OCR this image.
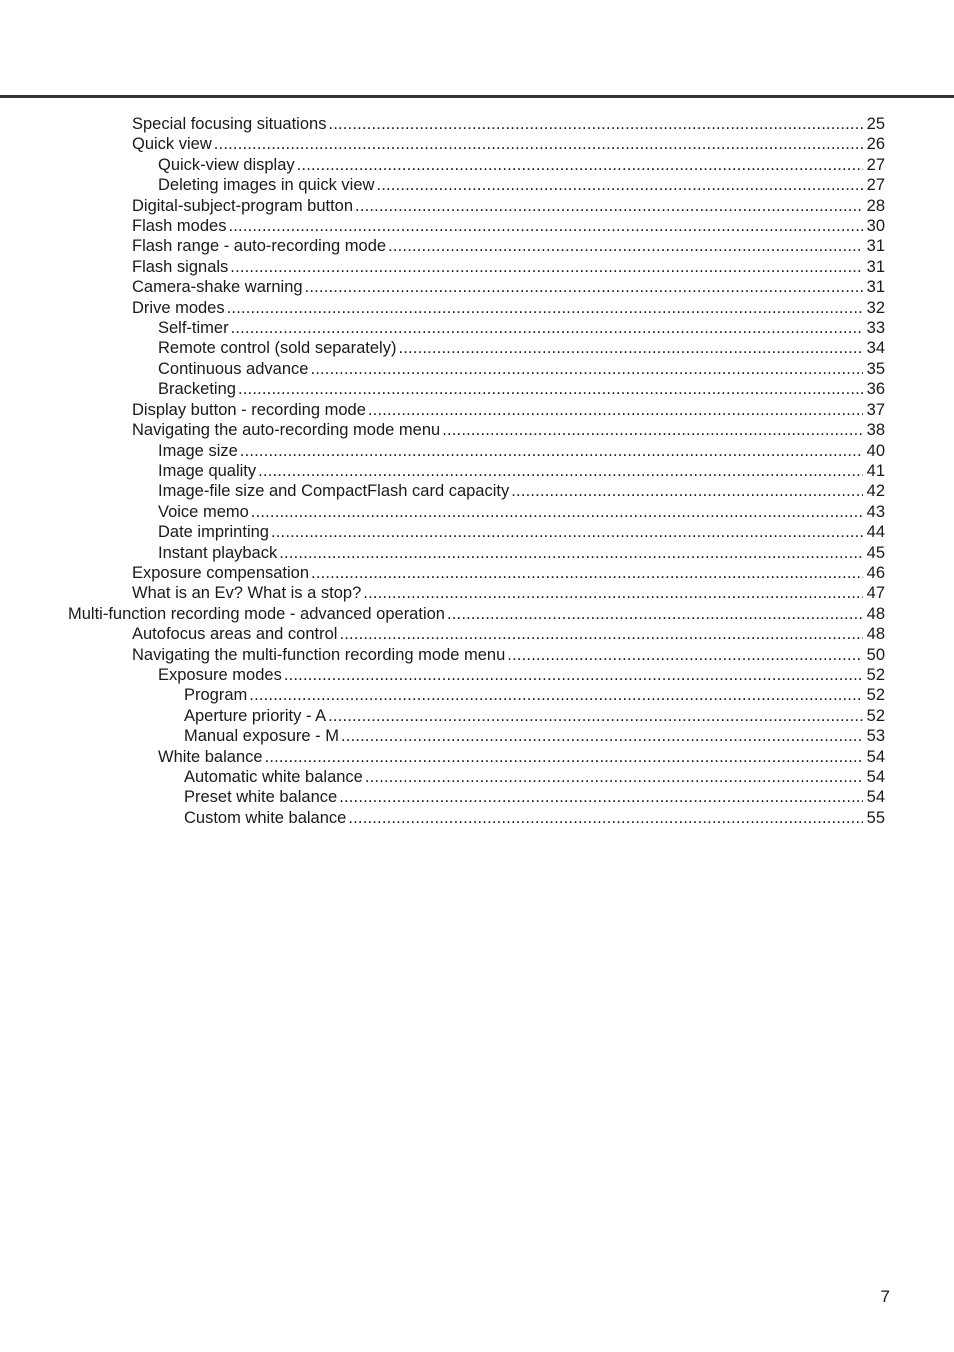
Special focusing situations .....	25
Quick view .....	26
Quick-view display .....	27
Deleting images in quick view .....	27
Digital-subject-program button .....	28
Flash modes .....	30
Flash range - auto-recording mode .....	31
Flash signals .....	31
Camera-shake warning .....	31
Drive modes .....	32
Self-timer .....	33
Remote control (sold separately) .....	34
Continuous advance .....	35
Bracketing .....	36
Display button - recording mode .....	37
Navigating the auto-recording mode menu .....	38
Image size .....	40
Image quality .....	41
Image-file size and CompactFlash card capacity .....	42
Voice memo .....	43
Date imprinting .....	44
Instant playback .....	45
Exposure compensation .....	46
What is an Ev? What is a stop? .....	47
Multi-function recording mode - advanced operation .....	48
Autofocus areas and control .....	48
Navigating the multi-function recording mode menu .....	50
Exposure modes .....	52
Program .....	52
Aperture priority - A .....	52
Manual exposure - M .....	53
White balance .....	54
Automatic white balance .....	54
Preset white balance .....	54
Custom white balance .....	55
7
